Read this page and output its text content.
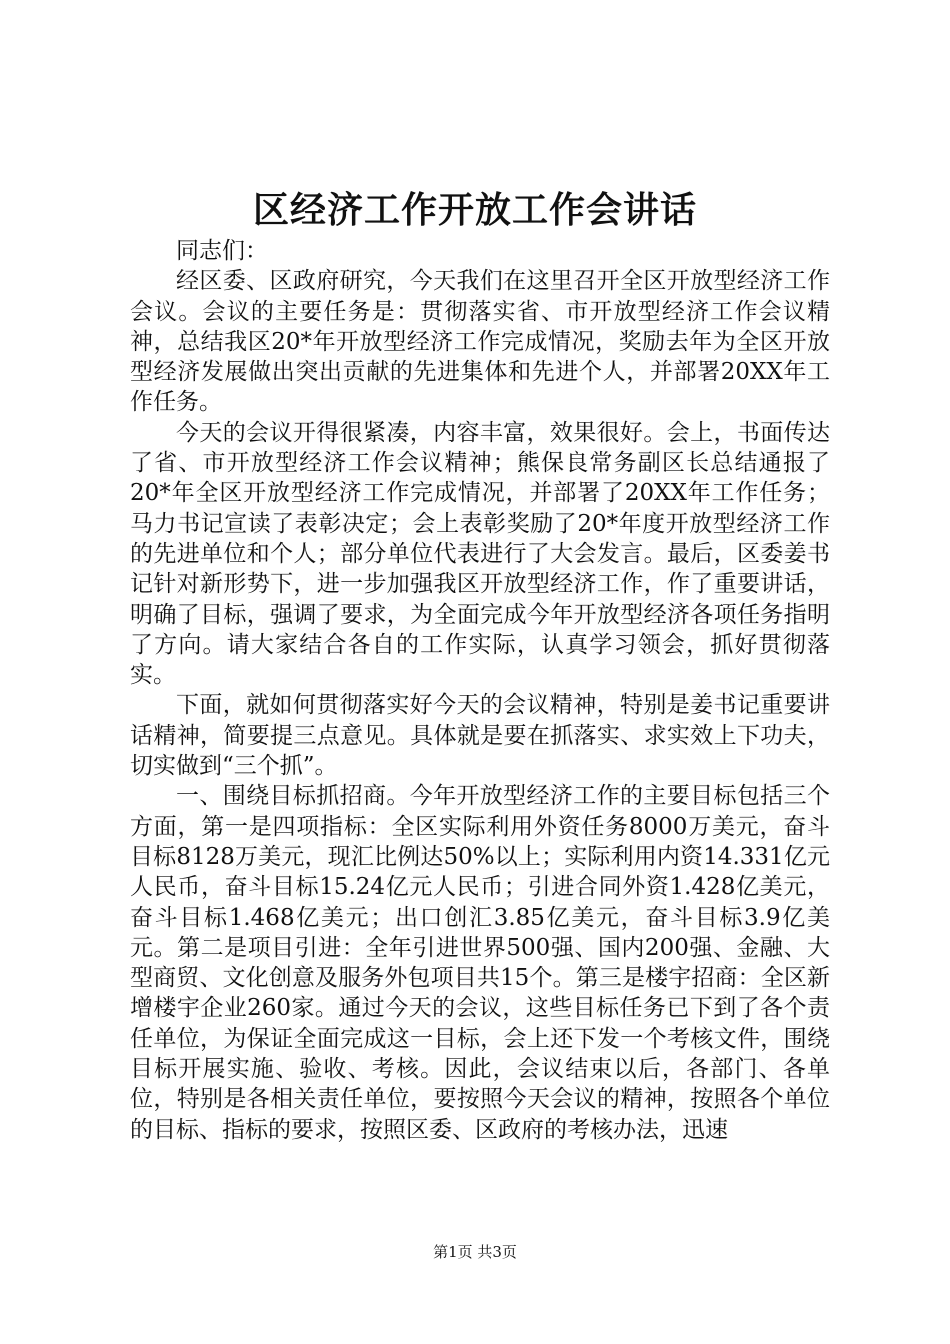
区经济工作开放工作会讲话

同志们：

经区委、区政府研究，今天我们在这里召开全区开放型经济工作会议。会议的主要任务是：贯彻落实省、市开放型经济工作会议精神，总结我区20*年开放型经济工作完成情况，奖励去年为全区开放型经济发展做出突出贡献的先进集体和先进个人，并部署20XX年工作任务。

今天的会议开得很紧凑，内容丰富，效果很好。会上，书面传达了省、市开放型经济工作会议精神；熊保良常务副区长总结通报了20*年全区开放型经济工作完成情况，并部署了20XX年工作任务；马力书记宣读了表彰决定；会上表彰奖励了20*年度开放型经济工作的先进单位和个人；部分单位代表进行了大会发言。最后，区委姜书记针对新形势下，进一步加强我区开放型经济工作，作了重要讲话，明确了目标，强调了要求，为全面完成今年开放型经济各项任务指明了方向。请大家结合各自的工作实际，认真学习领会，抓好贯彻落实。

下面，就如何贯彻落实好今天的会议精神，特别是姜书记重要讲话精神，简要提三点意见。具体就是要在抓落实、求实效上下功夫，切实做到“三个抓”。

一、围绕目标抓招商。今年开放型经济工作的主要目标包括三个方面，第一是四项指标：全区实际利用外资任务8000万美元，奋斗目标8128万美元，现汇比例达50%以上；实际利用内资14.331亿元人民币，奋斗目标15.24亿元人民币；引进合同外资1.428亿美元，奋斗目标1.468亿美元；出口创汇3.85亿美元，奋斗目标3.9亿美元。第二是项目引进：全年引进世界500强、国内200强、金融、大型商贸、文化创意及服务外包项目共15个。第三是楼宇招商：全区新增楼宇企业260家。通过今天的会议，这些目标任务已下到了各个责任单位，为保证全面完成这一目标，会上还下发一个考核文件，围绕目标开展实施、验收、考核。因此，会议结束以后，各部门、各单位，特别是各相关责任单位，要按照今天会议的精神，按照各个单位的目标、指标的要求，按照区委、区政府的考核办法，迅速

第1页 共3页
